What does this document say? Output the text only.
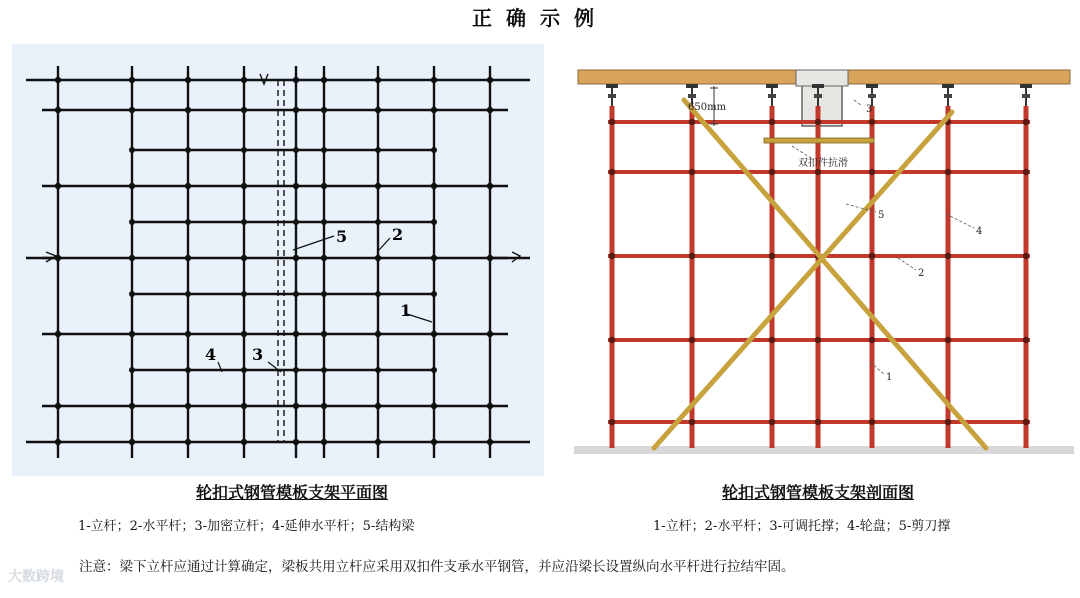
正确示例
5	2
1
4 3
650mm
双扣件抗滑
3
5
4
2
1
轮扣式钢管模板支架平面图	轮扣式钢管模板支架剖面图
1-立杆；2-水平杆；3-加密立杆；4-延伸水平杆；5-结构梁	1-立杆；2-水平杆；3-可调托撑；4-轮盘；5-剪刀撑
注意：梁下立杆应通过计算确定，梁板共用立杆应采用双扣件支承水平钢管，并应沿梁长设置纵向水平杆进行拉结牢固。
大数跨境
